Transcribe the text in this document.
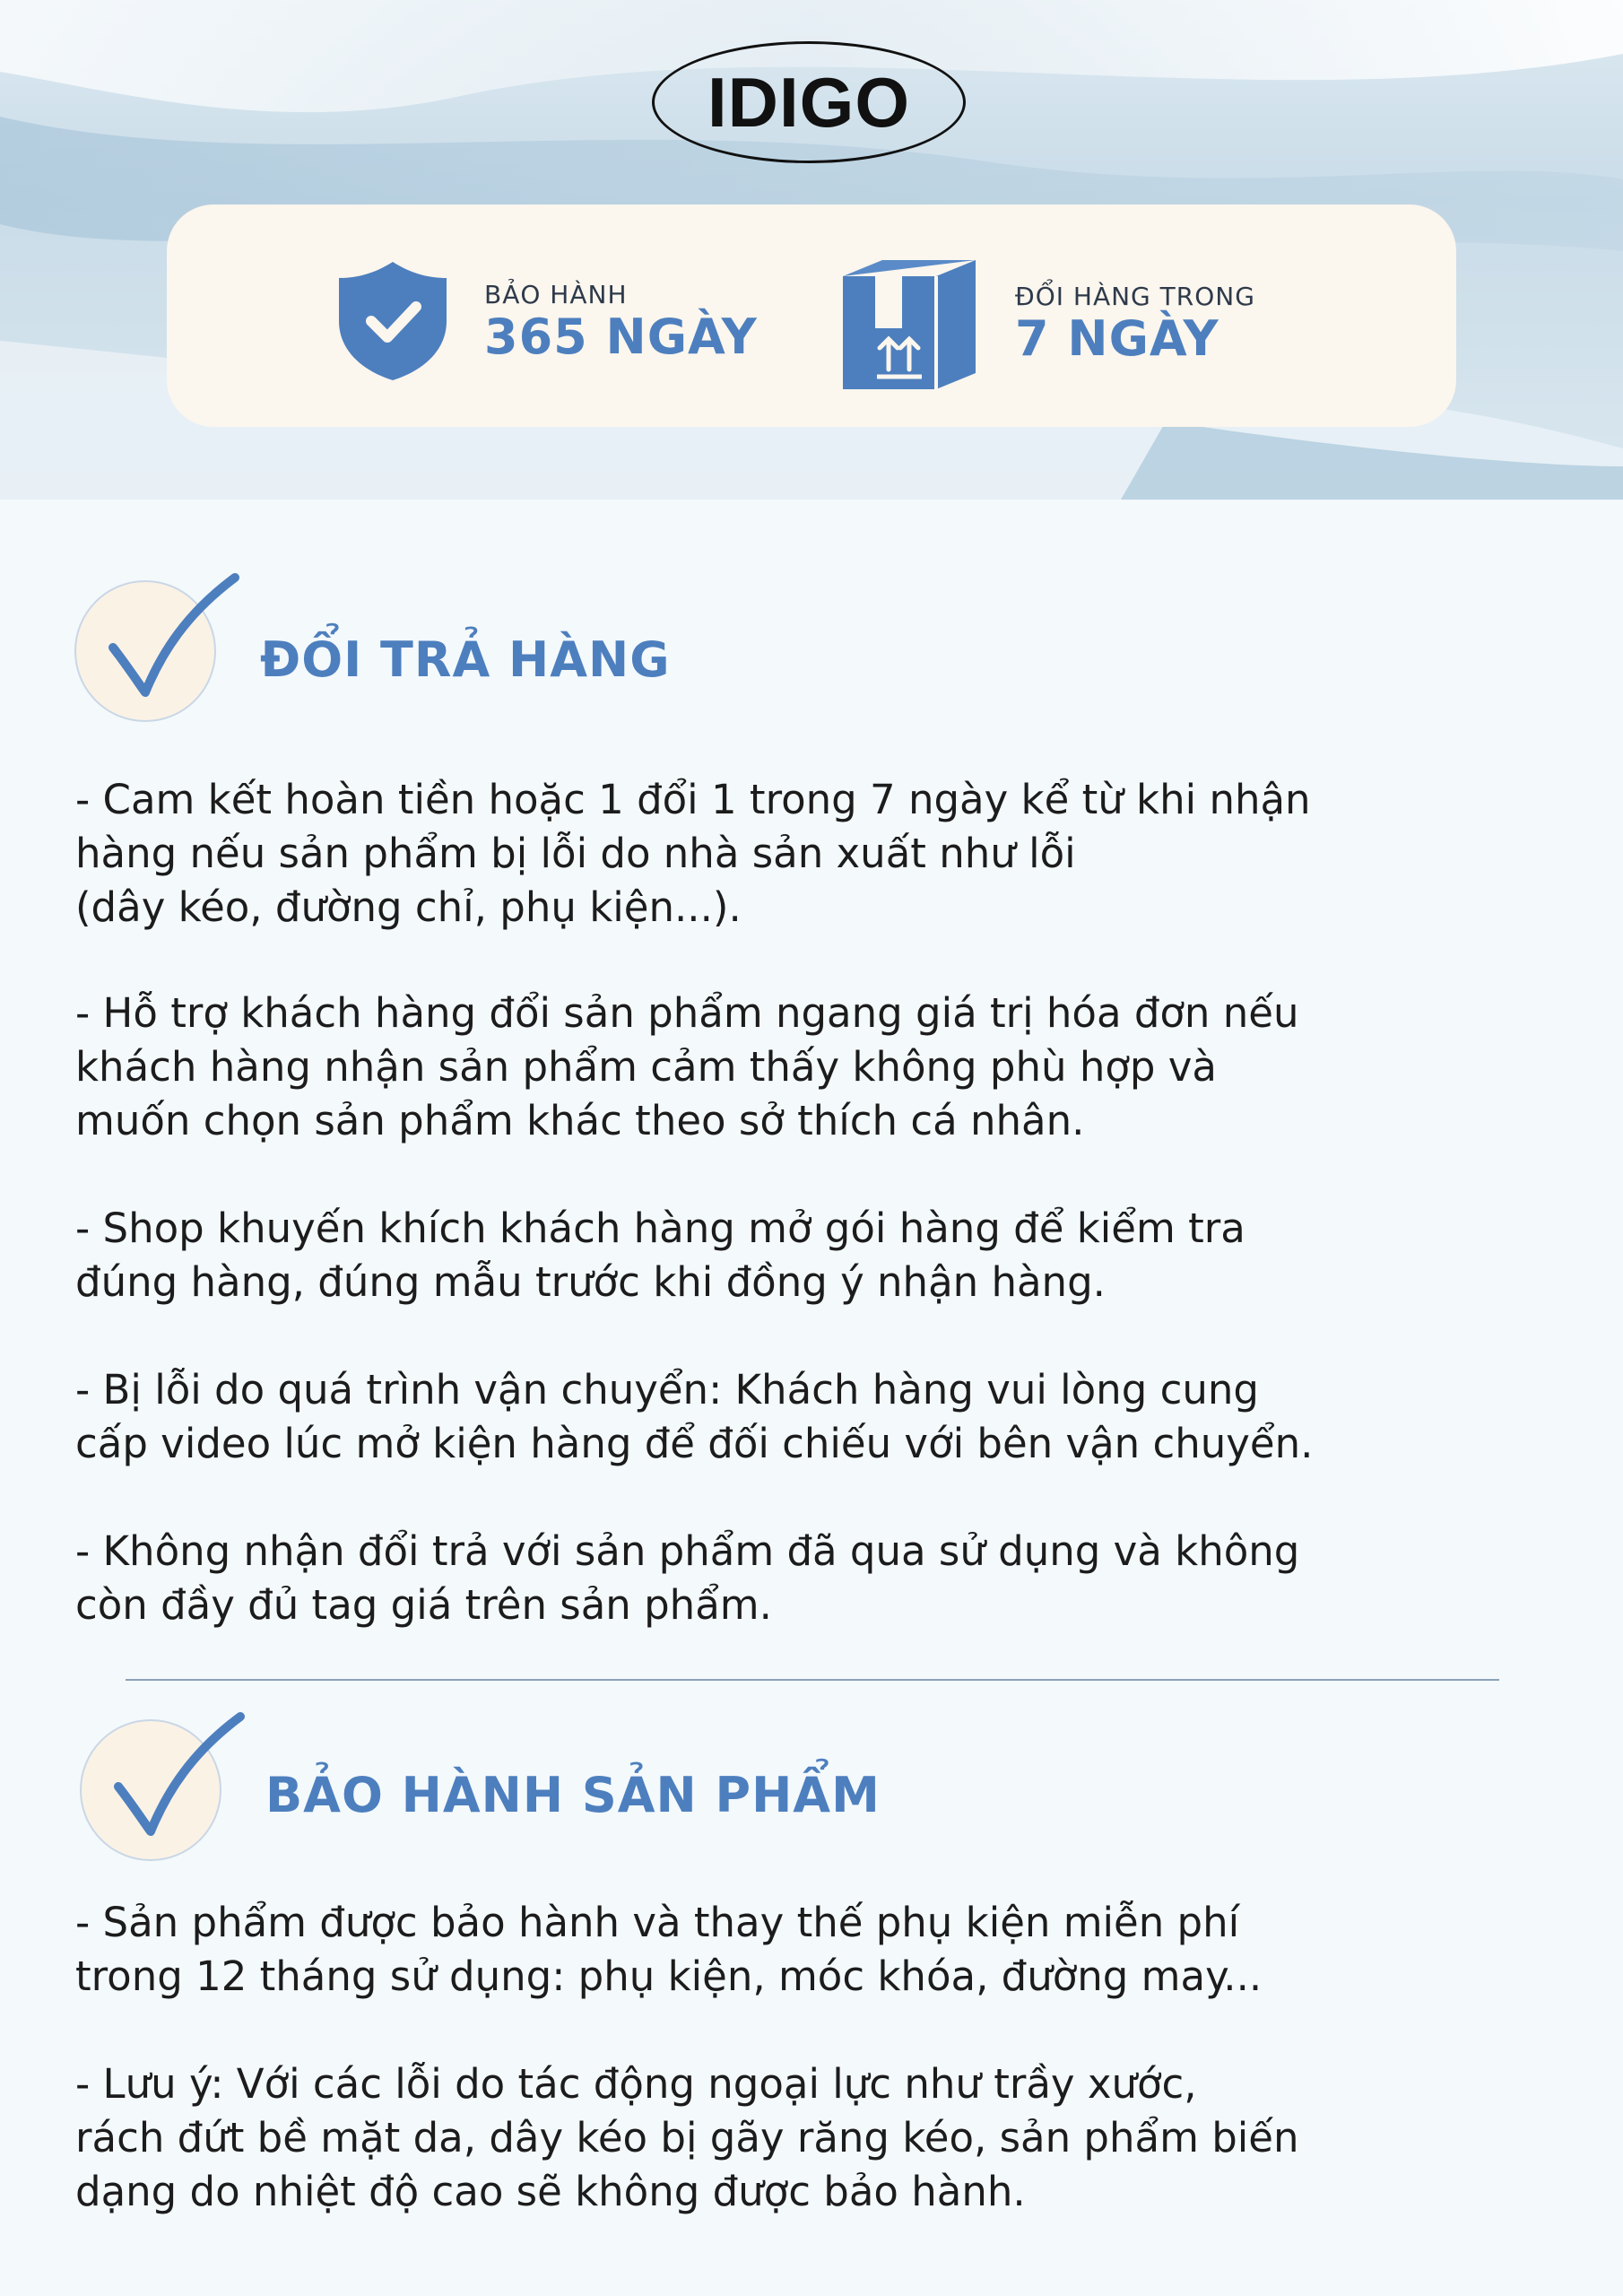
IDIGO
BẢO HÀNH
365 NGÀY
ĐỔI HÀNG TRONG
7 NGÀY
ĐỔI TRẢ HÀNG

- Cam kết hoàn tiền hoặc 1 đổi 1 trong 7 ngày kể từ khi nhận
hàng nếu sản phẩm bị lỗi do nhà sản xuất như lỗi
(dây kéo, đường chỉ, phụ kiện...).

- Hỗ trợ khách hàng đổi sản phẩm ngang giá trị hóa đơn nếu
khách hàng nhận sản phẩm cảm thấy không phù hợp và
muốn chọn sản phẩm khác theo sở thích cá nhân.

- Shop khuyến khích khách hàng mở gói hàng để kiểm tra
đúng hàng, đúng mẫu trước khi đồng ý nhận hàng.

- Bị lỗi do quá trình vận chuyển: Khách hàng vui lòng cung
cấp video lúc mở kiện hàng để đối chiếu với bên vận chuyển.

- Không nhận đổi trả với sản phẩm đã qua sử dụng và không
còn đầy đủ tag giá trên sản phẩm.

BẢO HÀNH SẢN PHẨM

- Sản phẩm được bảo hành và thay thế phụ kiện miễn phí
trong 12 tháng sử dụng: phụ kiện, móc khóa, đường may...

- Lưu ý: Với các lỗi do tác động ngoại lực như trầy xước,
rách đứt bề mặt da, dây kéo bị gãy răng kéo, sản phẩm biến
dạng do nhiệt độ cao sẽ không được bảo hành.
